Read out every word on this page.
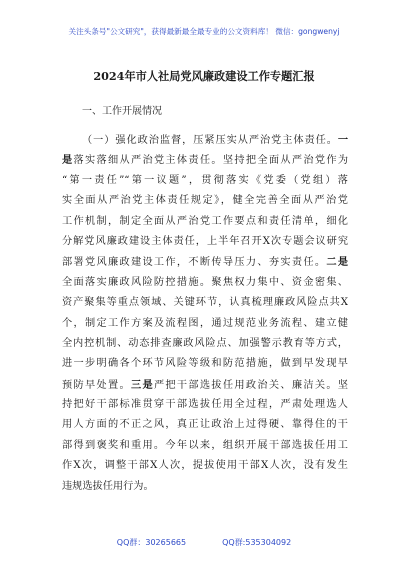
关注头条号"公文研究"，获得最新最全最专业的公文资料库！ 微信：gongwenyj
2024年市人社局党风廉政建设工作专题汇报
一、工作开展情况
（一）强化政治监督，压紧压实从严治党主体责任。一
是落实落细从严治党主体责任。坚持把全面从严治党作为
“第一责任”“第一议题”，贯彻落实《党委（党组）落
实全面从严治党主体责任规定》，健全完善全面从严治党
工作机制，制定全面从严治党工作要点和责任清单，细化
分解党风廉政建设主体责任，上半年召开X次专题会议研究
部署党风廉政建设工作，不断传导压力、夯实责任。二是
全面落实廉政风险防控措施。聚焦权力集中、资金密集、
资产聚集等重点领域、关键环节，认真梳理廉政风险点共X
个，制定工作方案及流程图，通过规范业务流程、建立健
全内控机制、动态排查廉政风险点、加强警示教育等方式，
进一步明确各个环节风险等级和防范措施，做到早发现早
预防早处置。三是严把干部选拔任用政治关、廉洁关。坚
持把好干部标准贯穿干部选拔任用全过程，严肃处理选人
用人方面的不正之风，真正让政治上过得硬、靠得住的干
部得到褒奖和重用。今年以来，组织开展干部选拔任用工
作X次，调整干部X人次，提拔使用干部X人次，没有发生
违规选拔任用行为。
QQ群：30265665	QQ群:535304092
